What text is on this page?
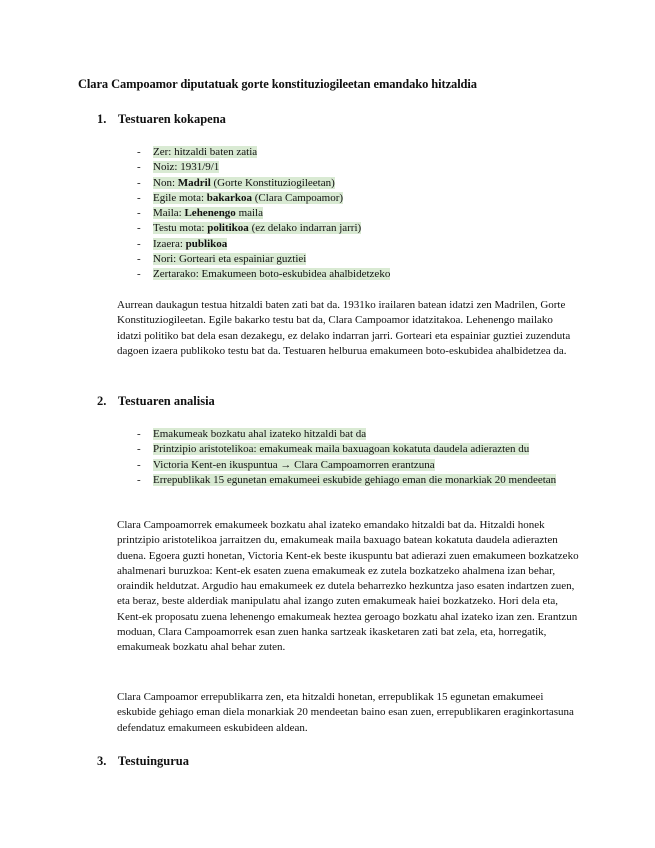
Clara Campoamor diputatuak gorte konstituziogileetan emandako hitzaldia
1. Testuaren kokapena
- Zer: hitzaldi baten zatia
- Noiz: 1931/9/1
- Non: Madril (Gorte Konstituziogileetan)
- Egile mota: bakarkoa (Clara Campoamor)
- Maila: Lehenengo maila
- Testu mota: politikoa (ez delako indarran jarri)
- Izaera: publikoa
- Nori: Gorteari eta espainiar guztiei
- Zertarako: Emakumeen boto-eskubidea ahalbidetzeko

Aurrean daukagun testua hitzaldi baten zati bat da. 1931ko irailaren batean idatzi zen Madrilen, Gorte Konstituziogileetan. Egile bakarko testu bat da, Clara Campoamor idatzitakoa. Lehenengo mailako idatzi politiko bat dela esan dezakegu, ez delako indarran jarri. Gorteari eta espainiar guztiei zuzenduta dagoen izaera publikoko testu bat da. Testuaren helburua emakumeen boto-eskubidea ahalbidetzea da.

2. Testuaren analisia
- Emakumeak bozkatu ahal izateko hitzaldi bat da
- Printzipio aristotelikoa: emakumeak maila baxuagoan kokatuta daudela adierazten du
- Victoria Kent-en ikuspuntua → Clara Campoamorren erantzuna
- Errepublikak 15 egunetan emakumeei eskubide gehiago eman die monarkiak 20 mendeetan

Clara Campoamorrek emakumeek bozkatu ahal izateko emandako hitzaldi bat da. Hitzaldi honek printzipio aristotelikoa jarraitzen du, emakumeak maila baxuago batean kokatuta daudela adierazten duena. Egoera guzti honetan, Victoria Kent-ek beste ikuspuntu bat adierazi zuen emakumeen bozkatzeko ahalmenari buruzkoa: Kent-ek esaten zuena emakumeak ez zutela bozkatzeko ahalmena izan behar, oraindik heldutzat. Argudio hau emakumeek ez dutela beharrezko hezkuntza jaso esaten indartzen zuen, eta beraz, beste alderdiak manipulatu ahal izango zuten emakumeak haiei bozkatzeko. Hori dela eta, Kent-ek proposatu zuena lehenengo emakumeak heztea geroago bozkatu ahal izateko izan zen. Erantzun moduan, Clara Campoamorrek esan zuen hanka sartzeak ikasketaren zati bat zela, eta, horregatik, emakumeak bozkatu ahal behar zuten.

Clara Campoamor errepublikarra zen, eta hitzaldi honetan, errepublikak 15 egunetan emakumeei eskubide gehiago eman diela monarkiak 20 mendeetan baino esan zuen, errepublikaren eraginkortasuna defendatuz emakumeen eskubideen aldean.

3. Testuingurua
